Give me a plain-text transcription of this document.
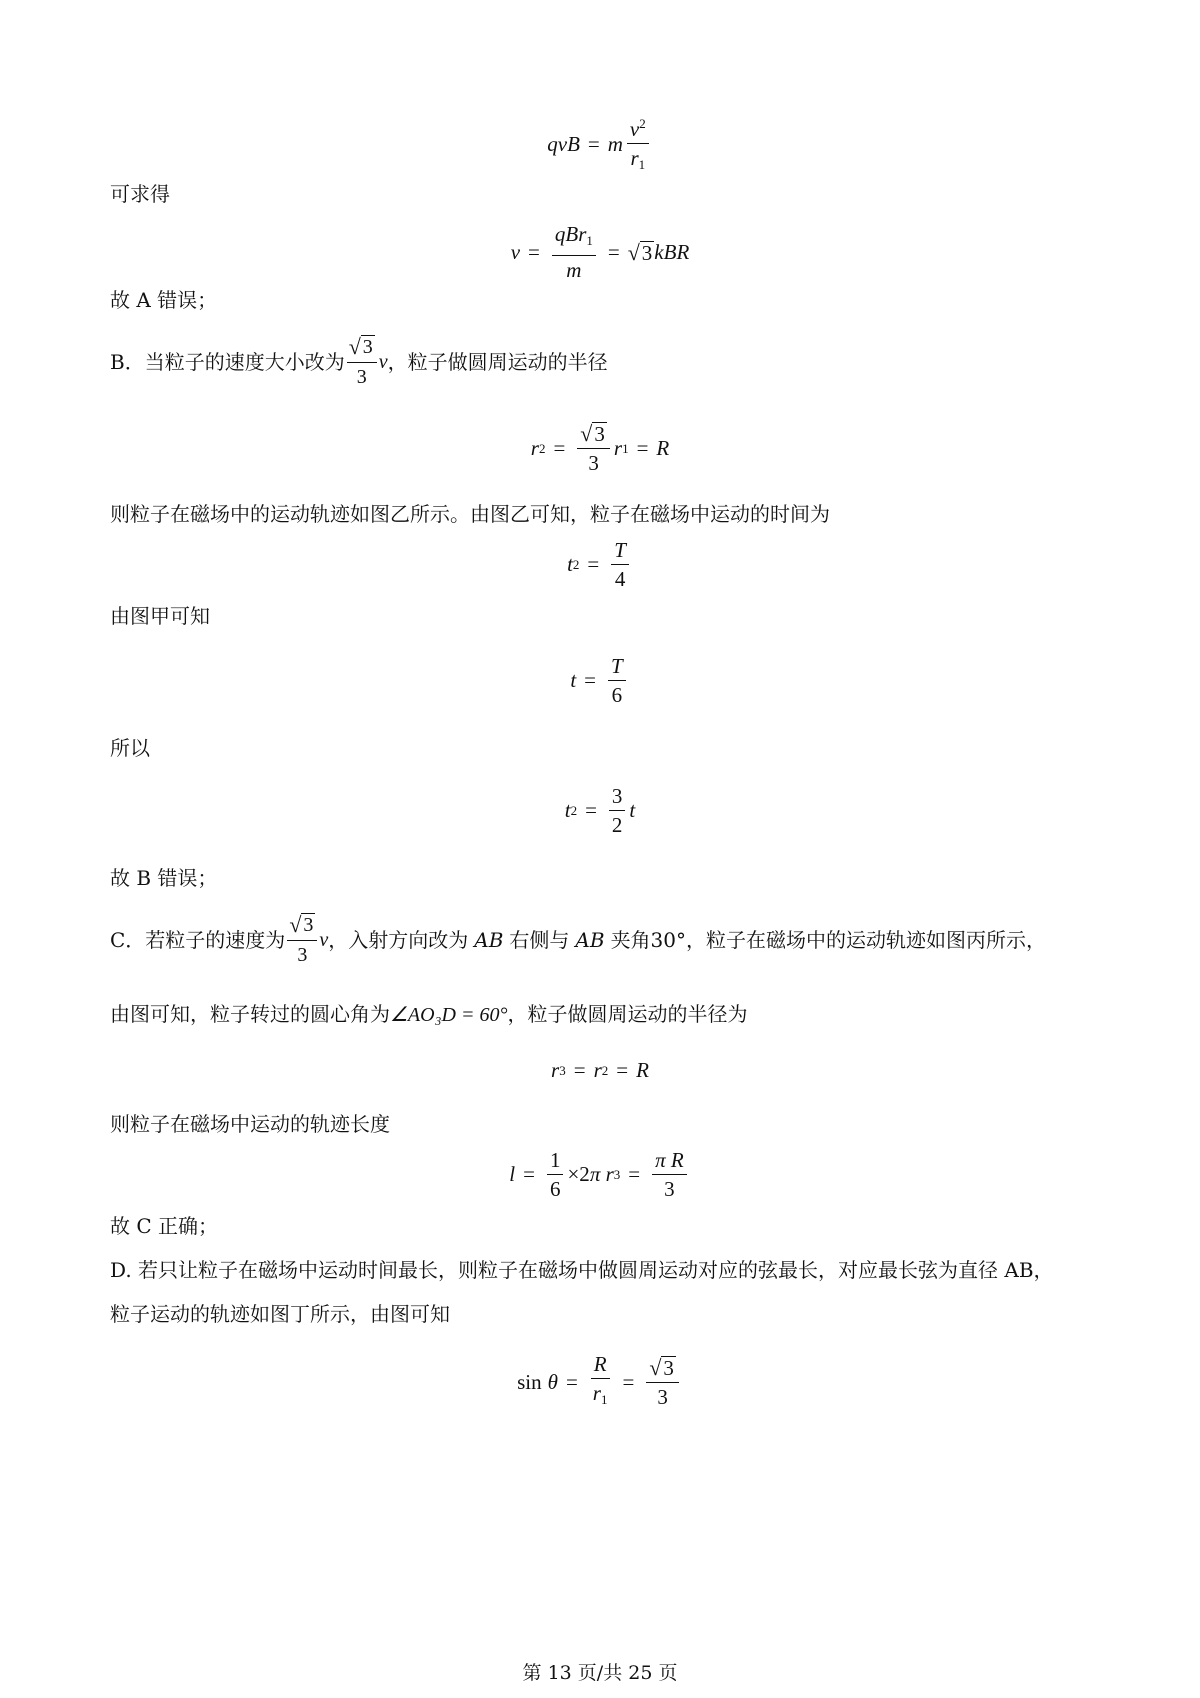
qvB = m $\frac{v^2}{r_1}$
可求得
$v = \frac{qBr_1}{m}$ = √ 3 kBR
故 A 错误；
B．当粒子的速度大小改为 $\frac{√ 3}{3}$ v ，粒子做圆周运动的半径
r $2 = \frac{√ 3}{3}$ r 1 = R
则粒子在磁场中的运动轨迹如图乙所示。由图乙可知，粒子在磁场中运动的时间为
t $2 = \frac{T}{4}$
由图甲可知
$t = \frac{T}{6}$
所以
t $2 = \frac{3}{2}$ t
故 B 错误；
C．若粒子的速度为 $\frac{√ 3}{3}$ v ，入射方向改为 AB 右侧与 AB 夹角30°，粒子在磁场中的运动轨迹如图丙所示，
由图可知，粒子转过的圆心角为∠AO₃D = 60°，粒子做圆周运动的半径为
r 3 = r 2 = R
则粒子在磁场中运动的轨迹长度
$l = \frac{1}{6} \times 2$ π r $3 = \frac{\text{π R}}{3}$
故 C 正确；
D. 若只让粒子在磁场中运动时间最长，则粒子在磁场中做圆周运动对应的弦最长，对应最长弦为直径 AB，
粒子运动的轨迹如图丁所示，由图可知
$\sin \theta = \frac{R}{r_1} = \frac{√ 3}{3}$
第 13 页/共 25 页
